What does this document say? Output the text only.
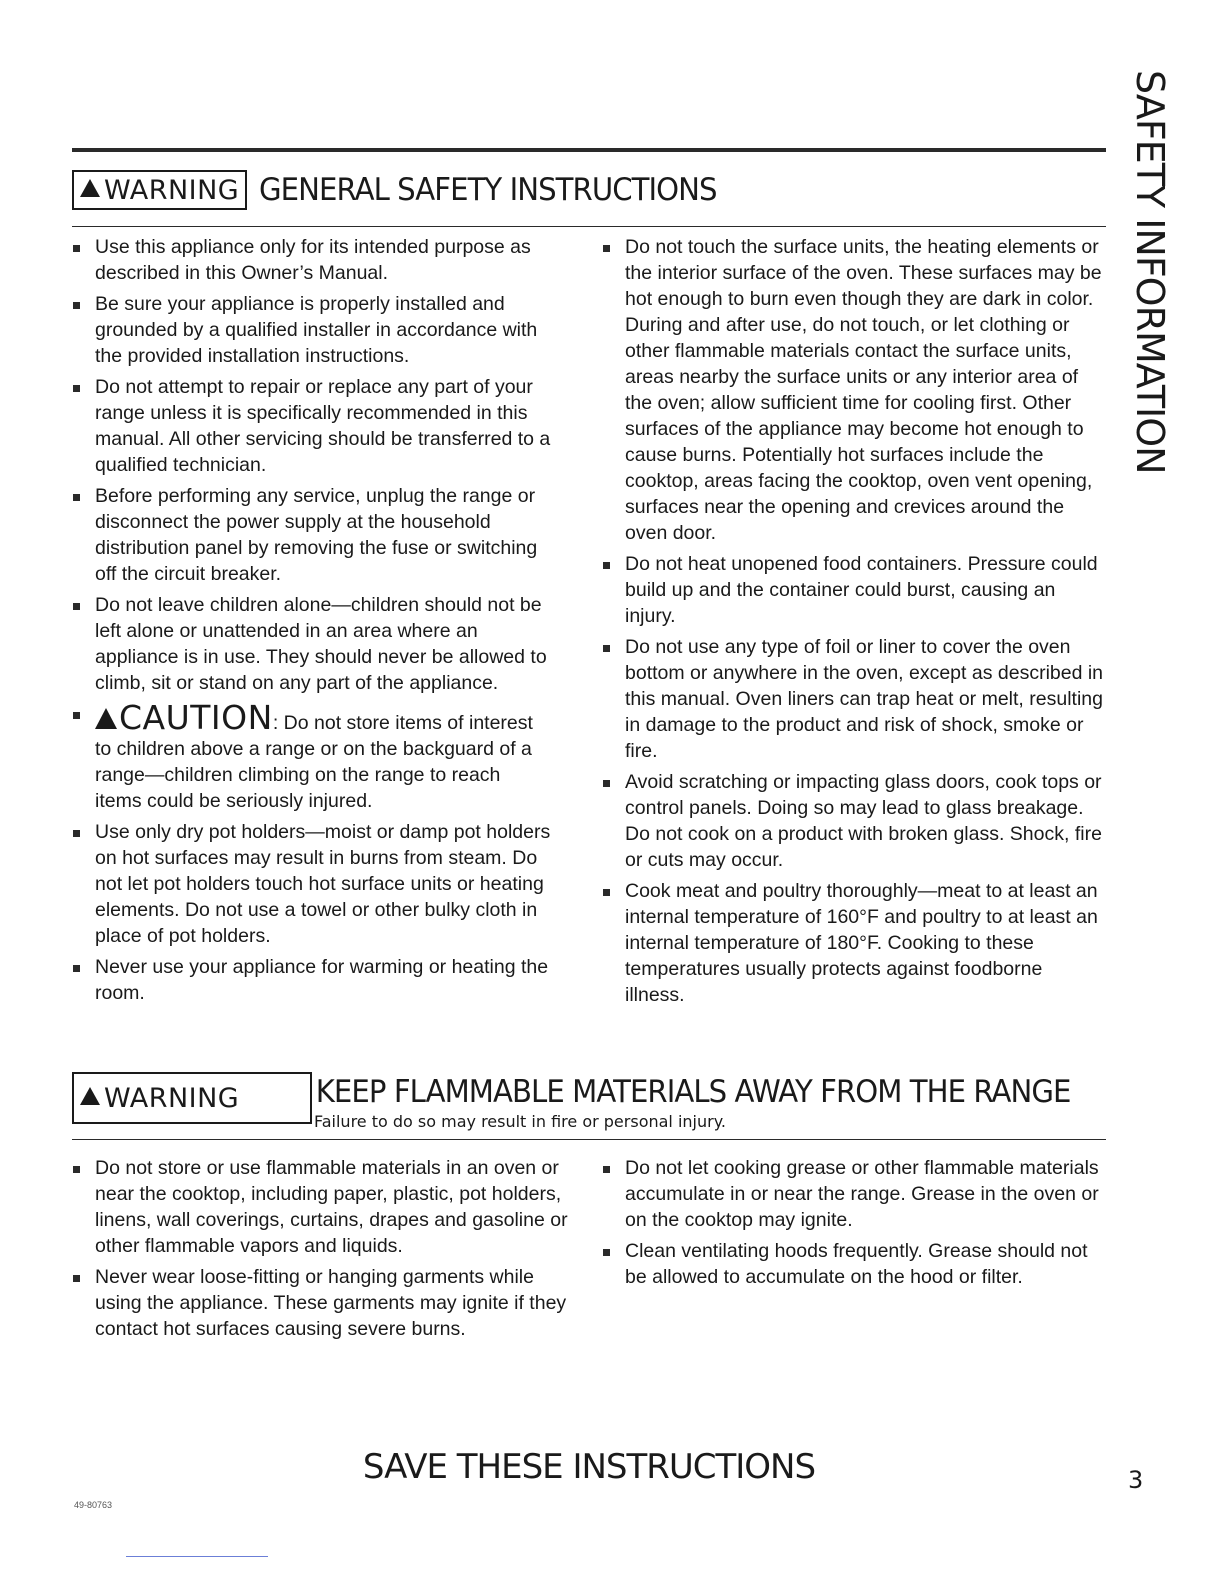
SAFETY INFORMATION
WARNING GENERAL SAFETY INSTRUCTIONS
Use this appliance only for its intended purpose as described in this Owner’s Manual.
Be sure your appliance is properly installed and grounded by a qualified installer in accordance with the provided installation instructions.
Do not attempt to repair or replace any part of your range unless it is specifically recommended in this manual. All other servicing should be transferred to a qualified technician.
Before performing any service, unplug the range or disconnect the power supply at the household distribution panel by removing the fuse or switching off the circuit breaker.
Do not leave children alone—children should not be left alone or unattended in an area where an appliance is in use. They should never be allowed to climb, sit or stand on any part of the appliance.
CAUTION: Do not store items of interest to children above a range or on the backguard of a range—children climbing on the range to reach items could be seriously injured.
Use only dry pot holders—moist or damp pot holders on hot surfaces may result in burns from steam. Do not let pot holders touch hot surface units or heating elements. Do not use a towel or other bulky cloth in place of pot holders.
Never use your appliance for warming or heating the room.
Do not touch the surface units, the heating elements or the interior surface of the oven. These surfaces may be hot enough to burn even though they are dark in color. During and after use, do not touch, or let clothing or other flammable materials contact the surface units, areas nearby the surface units or any interior area of the oven; allow sufficient time for cooling first. Other surfaces of the appliance may become hot enough to cause burns. Potentially hot surfaces include the cooktop, areas facing the cooktop, oven vent opening, surfaces near the opening and crevices around the oven door.
Do not heat unopened food containers. Pressure could build up and the container could burst, causing an injury.
Do not use any type of foil or liner to cover the oven bottom or anywhere in the oven, except as described in this manual. Oven liners can trap heat or melt, resulting in damage to the product and risk of shock, smoke or fire.
Avoid scratching or impacting glass doors, cook tops or control panels. Doing so may lead to glass breakage. Do not cook on a product with broken glass. Shock, fire or cuts may occur.
Cook meat and poultry thoroughly—meat to at least an internal temperature of 160°F and poultry to at least an internal temperature of 180°F. Cooking to these temperatures usually protects against foodborne illness.
WARNING KEEP FLAMMABLE MATERIALS AWAY FROM THE RANGE
Failure to do so may result in fire or personal injury.
Do not store or use flammable materials in an oven or near the cooktop, including paper, plastic, pot holders, linens, wall coverings, curtains, drapes and gasoline or other flammable vapors and liquids.
Never wear loose-fitting or hanging garments while using the appliance. These garments may ignite if they contact hot surfaces causing severe burns.
Do not let cooking grease or other flammable materials accumulate in or near the range. Grease in the oven or on the cooktop may ignite.
Clean ventilating hoods frequently. Grease should not be allowed to accumulate on the hood or filter.
SAVE THESE INSTRUCTIONS
49-80763
3
